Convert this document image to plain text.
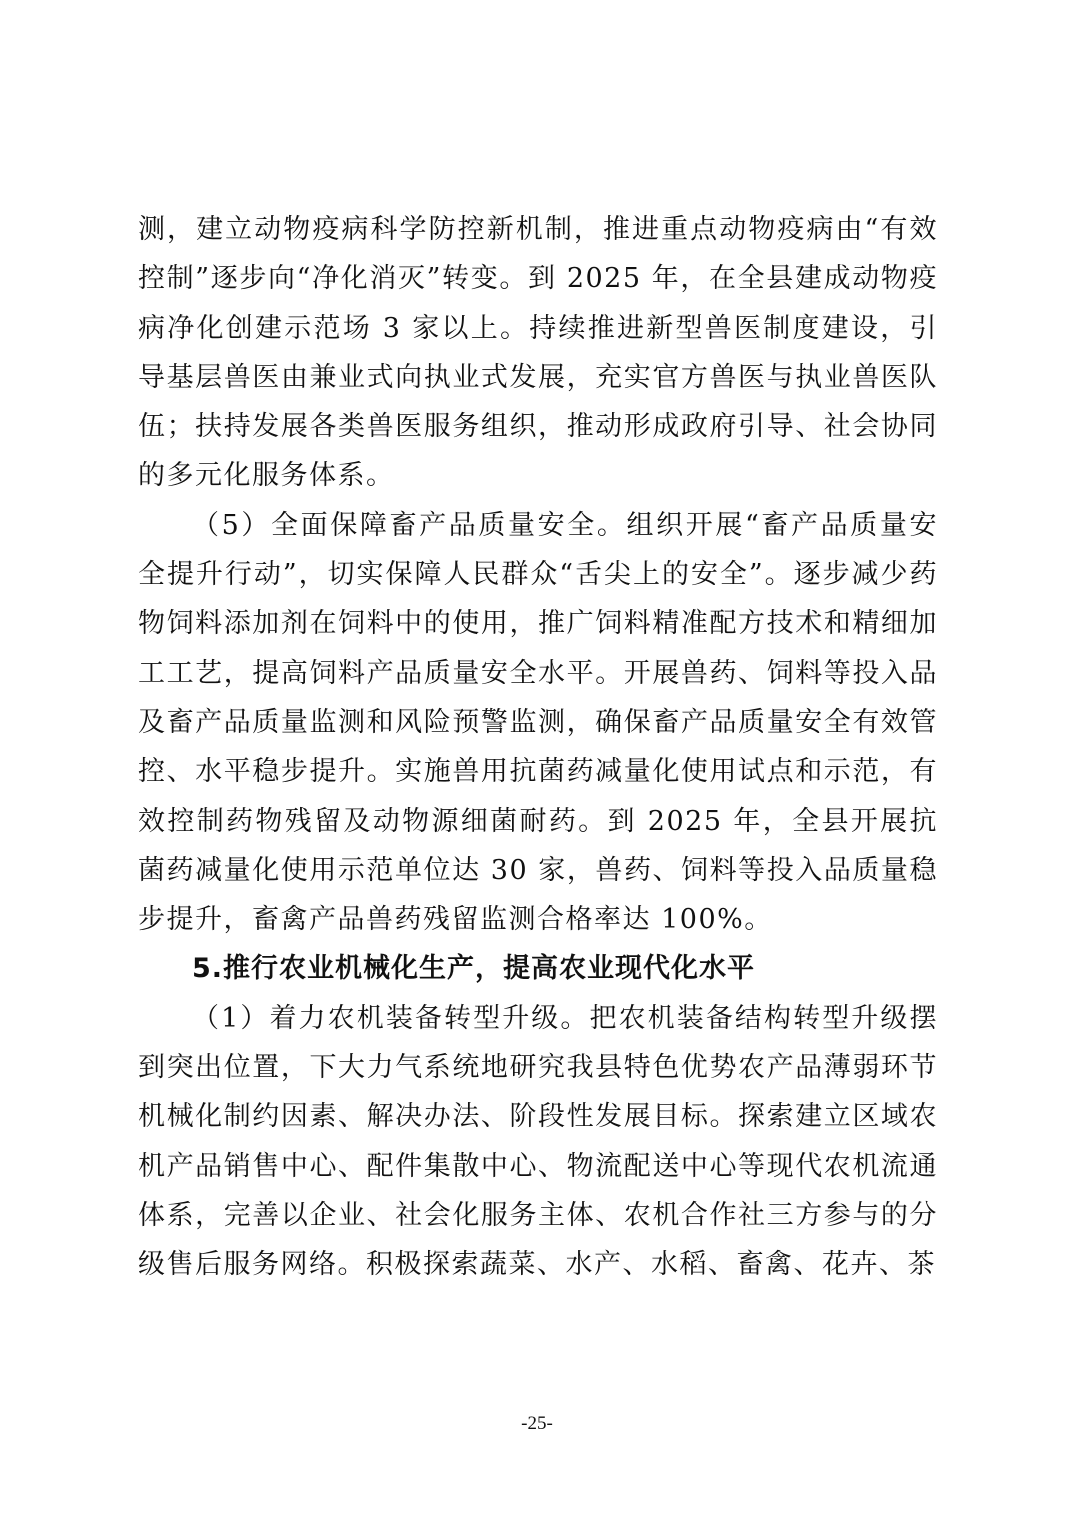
测，建立动物疫病科学防控新机制，推进重点动物疫病由“有效控制”逐步向“净化消灭”转变。到 2025 年，在全县建成动物疫病净化创建示范场 3 家以上。持续推进新型兽医制度建设，引导基层兽医由兼业式向执业式发展，充实官方兽医与执业兽医队伍；扶持发展各类兽医服务组织，推动形成政府引导、社会协同的多元化服务体系。

（5）全面保障畜产品质量安全。组织开展“畜产品质量安全提升行动”，切实保障人民群众“舌尖上的安全”。逐步减少药物饲料添加剂在饲料中的使用，推广饲料精准配方技术和精细加工工艺，提高饲料产品质量安全水平。开展兽药、饲料等投入品及畜产品质量监测和风险预警监测，确保畜产品质量安全有效管控、水平稳步提升。实施兽用抗菌药减量化使用试点和示范，有效控制药物残留及动物源细菌耐药。到 2025 年，全县开展抗菌药减量化使用示范单位达 30 家，兽药、饲料等投入品质量稳步提升，畜禽产品兽药残留监测合格率达 100%。

5.推行农业机械化生产，提高农业现代化水平

（1）着力农机装备转型升级。把农机装备结构转型升级摆到突出位置，下大力气系统地研究我县特色优势农产品薄弱环节机械化制约因素、解决办法、阶段性发展目标。探索建立区域农机产品销售中心、配件集散中心、物流配送中心等现代农机流通体系，完善以企业、社会化服务主体、农机合作社三方参与的分级售后服务网络。积极探索蔬菜、水产、水稻、畜禽、花卉、茶

-25-
